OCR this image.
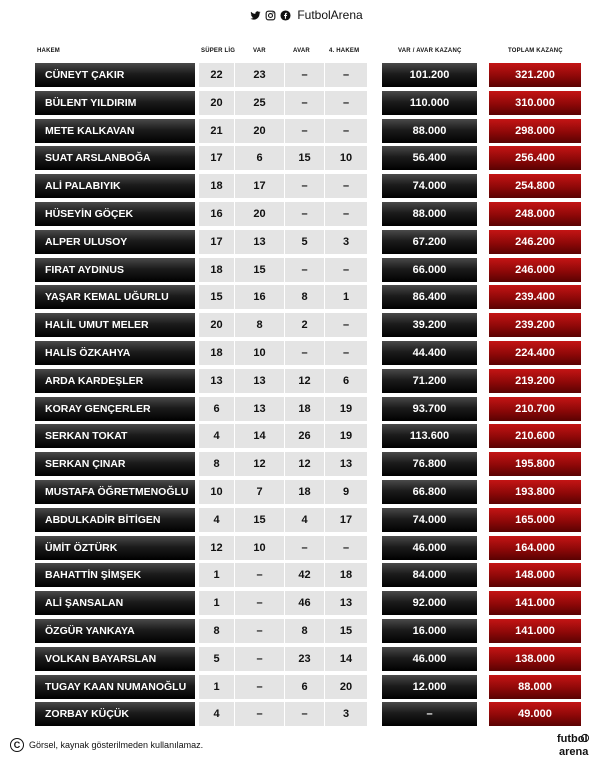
FutbolArena
HAKEM	SÜPER LİG	VAR	AVAR	4. HAKEM	VAR / AVAR KAZANÇ	TOPLAM KAZANÇ
CÜNEYT ÇAKIR	22	23	–	–	101.200	321.200
BÜLENT YILDIRIM	20	25	–	–	110.000	310.000
METE KALKAVAN	21	20	–	–	88.000	298.000
SUAT ARSLANBOĞA	17	6	15	10	56.400	256.400
ALİ PALABIYIK	18	17	–	–	74.000	254.800
HÜSEYİN GÖÇEK	16	20	–	–	88.000	248.000
ALPER ULUSOY	17	13	5	3	67.200	246.200
FIRAT AYDINUS	18	15	–	–	66.000	246.000
YAŞAR KEMAL UĞURLU	15	16	8	1	86.400	239.400
HALİL UMUT MELER	20	8	2	–	39.200	239.200
HALİS ÖZKAHYA	18	10	–	–	44.400	224.400
ARDA KARDEŞLER	13	13	12	6	71.200	219.200
KORAY GENÇERLER	6	13	18	19	93.700	210.700
SERKAN TOKAT	4	14	26	19	113.600	210.600
SERKAN ÇINAR	8	12	12	13	76.800	195.800
MUSTAFA ÖĞRETMENOĞLU	10	7	18	9	66.800	193.800
ABDULKADİR BİTİGEN	4	15	4	17	74.000	165.000
ÜMİT ÖZTÜRK	12	10	–	–	46.000	164.000
BAHATTİN ŞİMŞEK	1	–	42	18	84.000	148.000
ALİ ŞANSALAN	1	–	46	13	92.000	141.000
ÖZGÜR YANKAYA	8	–	8	15	16.000	141.000
VOLKAN BAYARSLAN	5	–	23	14	46.000	138.000
TUGAY KAAN NUMANOĞLU	1	–	6	20	12.000	88.000
ZORBAY KÜÇÜK	4	–	–	3	–	49.000
C Görsel, kaynak gösterilmeden kullanılamaz.	futbol
arena
